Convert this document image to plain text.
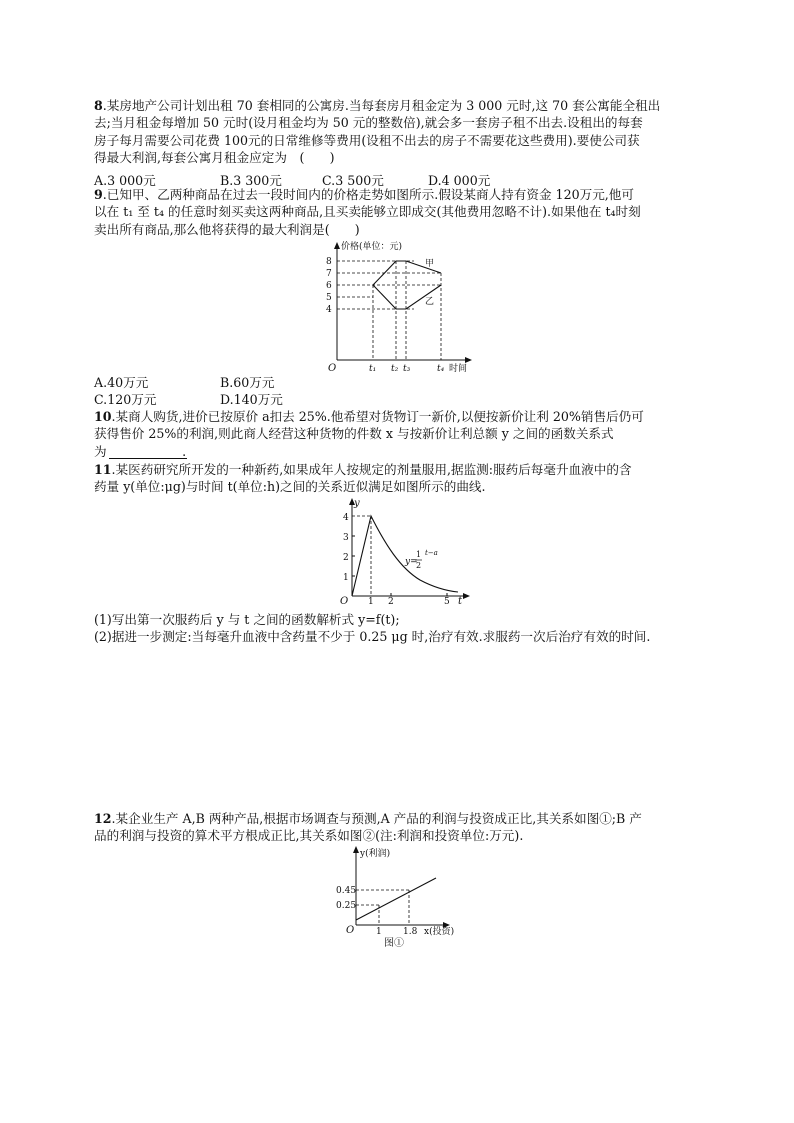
8.某房地产公司计划出租 70 套相同的公寓房.当每套房月租金定为 3 000 元时,这 70 套公寓能全租出
去;当月租金每增加 50 元时(设月租金均为 50 元的整数倍),就会多一套房子租不出去.设租出的每套
房子每月需要公司花费 100元的日常维修等费用(设租不出去的房子不需要花这些费用).要使公司获
得最大利润,每套公寓月租金应定为　(　　)
A.3 000元	B.3 300元	C.3 500元	D.4 000元
9.已知甲、乙两种商品在过去一段时间内的价格走势如图所示.假设某商人持有资金 120万元,他可
以在 t₁ 至 t₄ 的任意时刻买卖这两种商品,且买卖能够立即成交(其他费用忽略不计).如果他在 t₄时刻
卖出所有商品,那么他将获得的最大利润是(　　)
价格(单位：元)
8
7
6
5
4
O	t₁ t₂ t₃	t₄ 时间
甲
乙
A.40万元	B.60万元
C.120万元	D.140万元
10.某商人购货,进价已按原价 a扣去 25%.他希望对货物订一新价,以便按新价让利 20%销售后仍可
获得售价 25%的利润,则此商人经营这种货物的件数 x 与按新价让利总额 y 之间的函数关系式
为　　　　　　.
11.某医药研究所开发的一种新药,如果成年人按规定的剂量服用,据监测:服药后每毫升血液中的含
药量 y(单位:μg)与时间 t(单位:h)之间的关系近似满足如图所示的曲线.
y
4
3
2
1
O 1 2	5 t
y=
1
2
t−a
(1)写出第一次服药后 y 与 t 之间的函数解析式 y=f(t);
(2)据进一步测定:当每毫升血液中含药量不少于 0.25 μg 时,治疗有效.求服药一次后治疗有效的时间.
12.某企业生产 A,B 两种产品,根据市场调查与预测,A 产品的利润与投资成正比,其关系如图①;B 产
品的利润与投资的算术平方根成正比,其关系如图②(注:利润和投资单位:万元).
y(利润)
0.45
0.25
O 1 1.8 x(投资)
图①
